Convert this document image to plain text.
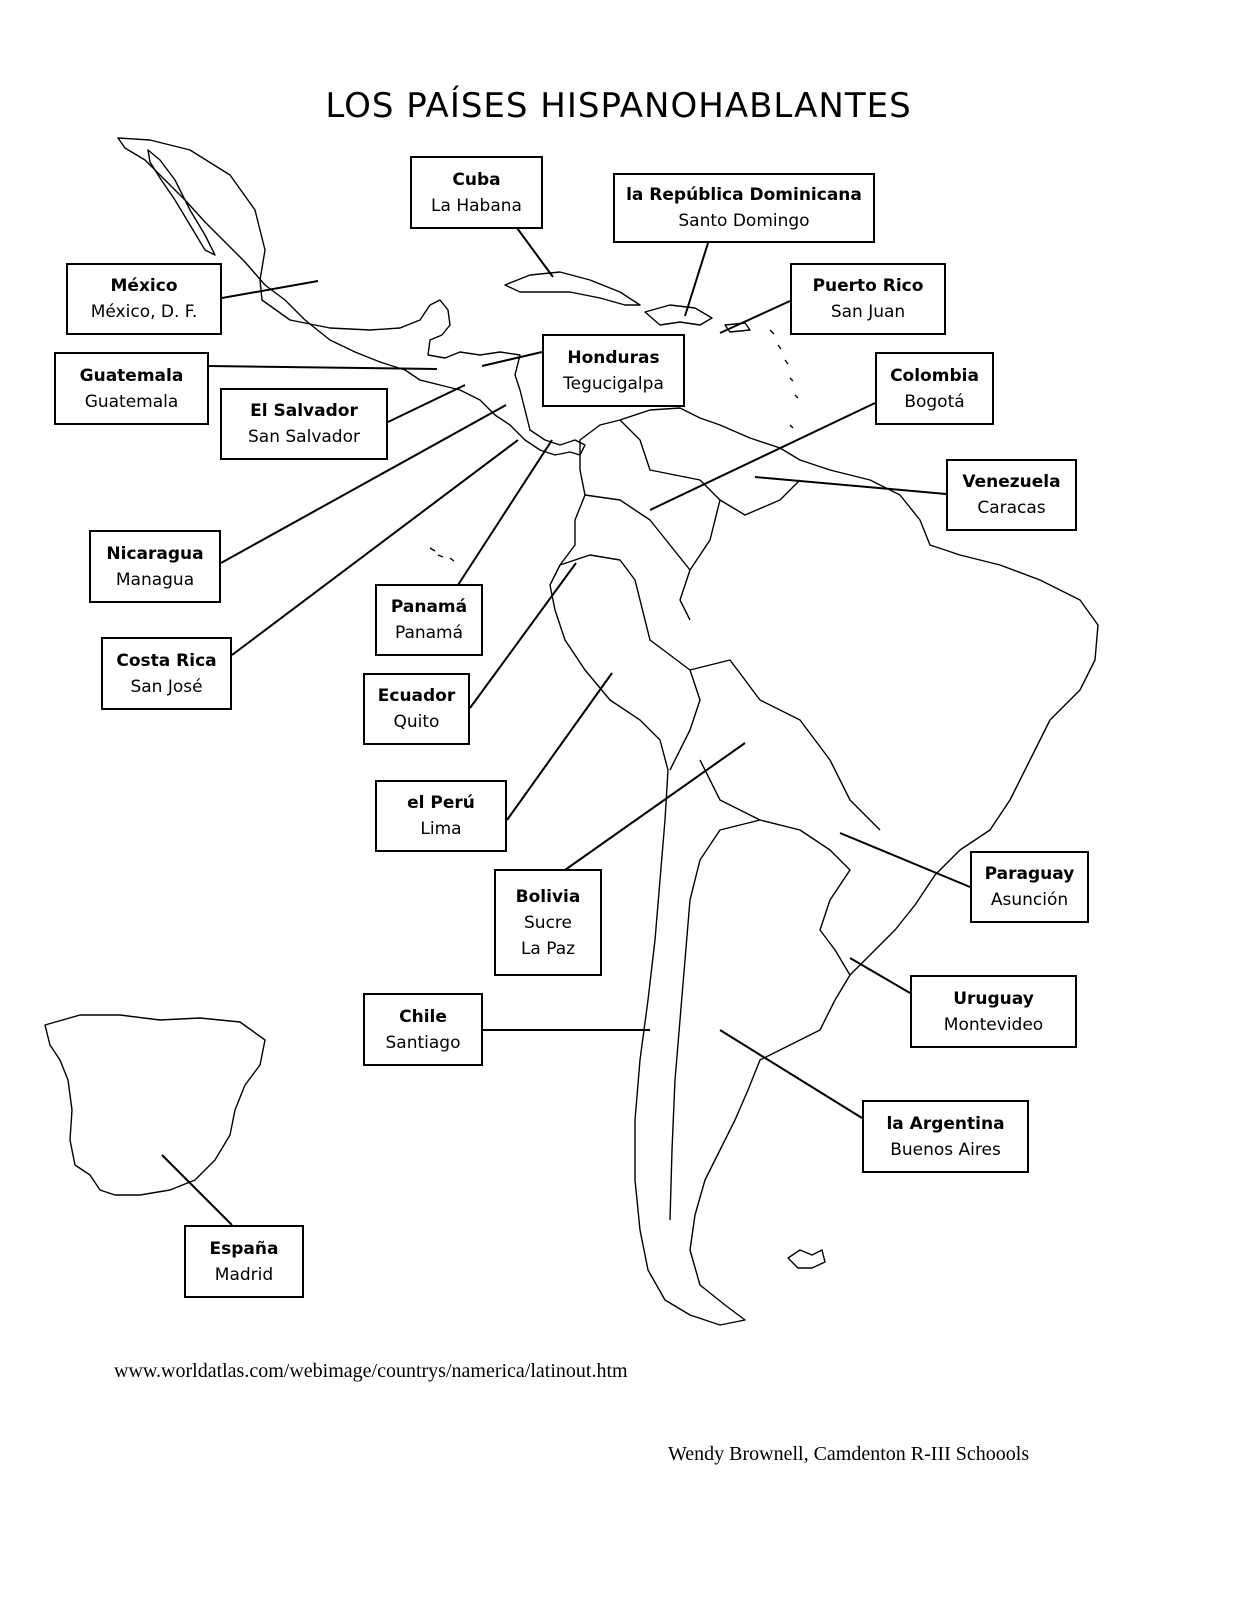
LOS PAÍSES HISPANOHABLANTES
México
México, D. F.
Guatemala
Guatemala	El Salvador
San Salvador
Cuba
La Habana
la República Dominicana
Santo Domingo
Puerto Rico
San Juan
Honduras
Tegucigalpa	Colombia
Bogotá
Venezuela
Caracas
Nicaragua
Managua
Costa Rica
San José
Panamá
Panamá
Ecuador
Quito
el Perú
Lima
Bolivia
Sucre
La Paz
Paraguay
Asunción
Uruguay
Montevideo
Chile
Santiago
la Argentina
Buenos Aires
España
Madrid
www.worldatlas.com/webimage/countrys/namerica/latinout.htm
Wendy Brownell, Camdenton R-III Schoools
